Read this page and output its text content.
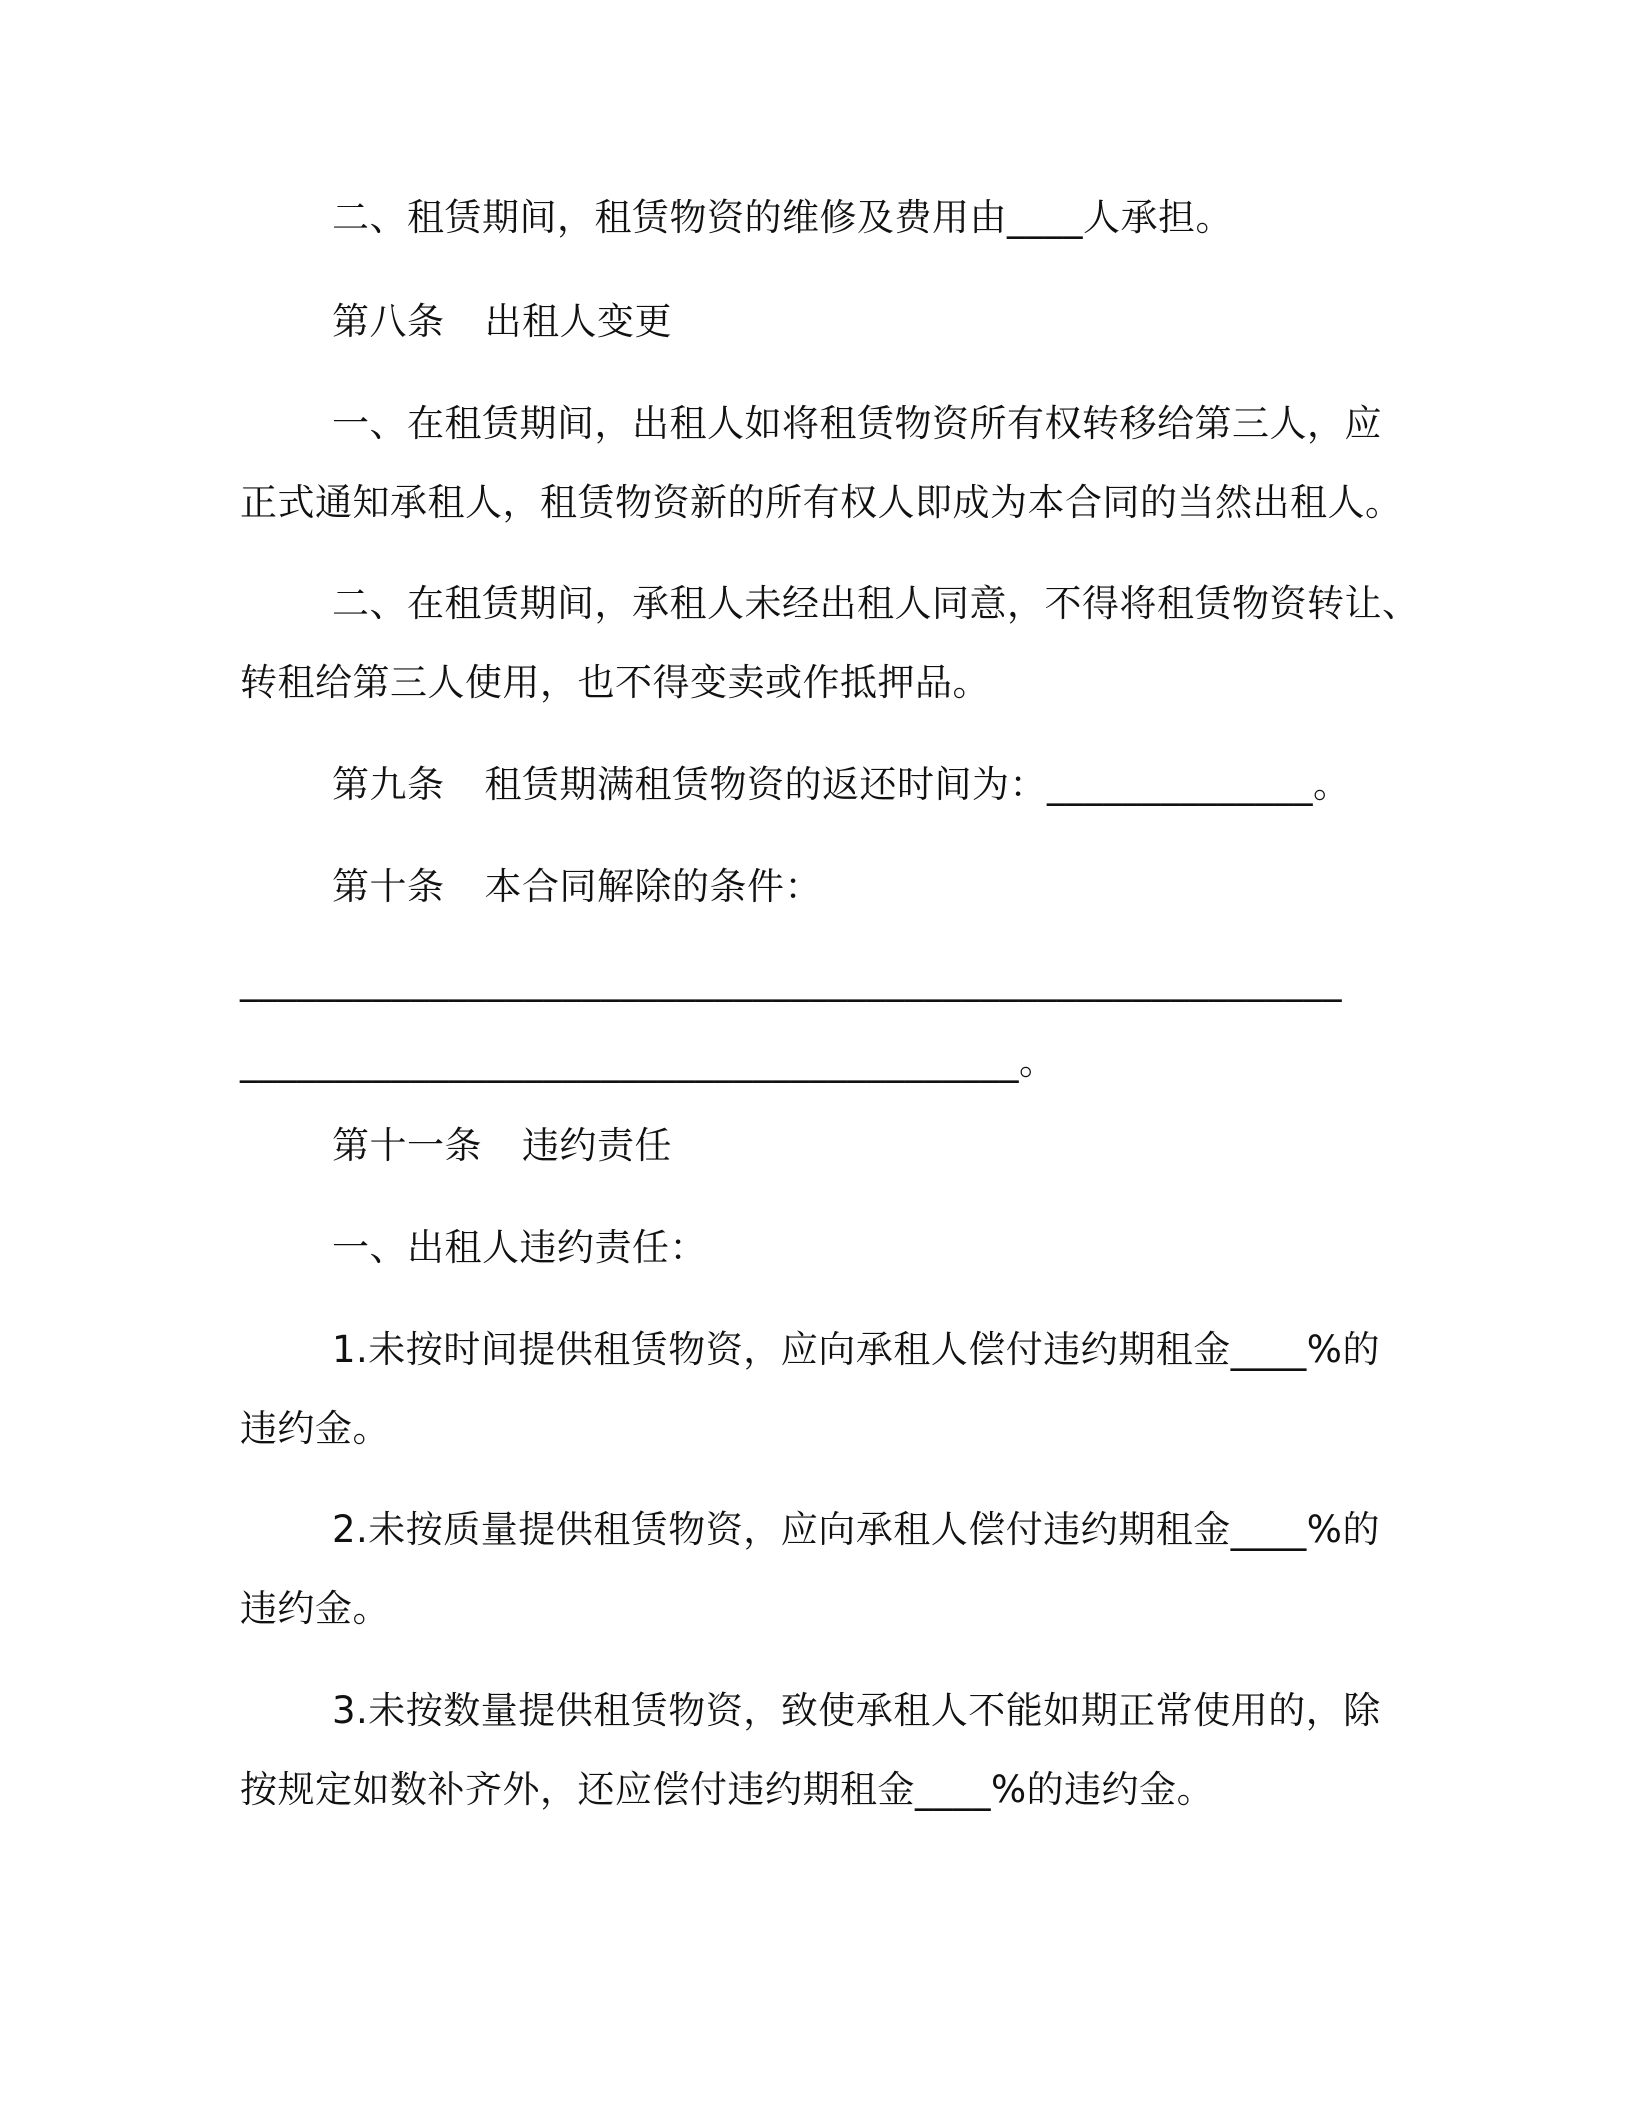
二、租赁期间，租赁物资的维修及费用由____人承担。
第八条 出租人变更
一、在租赁期间，出租人如将租赁物资所有权转移给第三人，应
正式通知承租人，租赁物资新的所有权人即成为本合同的当然出租人。
二、在租赁期间，承租人未经出租人同意，不得将租赁物资转让、
转租给第三人使用，也不得变卖或作抵押品。
第九条 租赁期满租赁物资的返还时间为：______________。
第十条 本合同解除的条件：
__________________________________________________________
_________________________________________。
第十一条 违约责任
一、出租人违约责任：
1.未按时间提供租赁物资，应向承租人偿付违约期租金____%的
违约金。
2.未按质量提供租赁物资，应向承租人偿付违约期租金____%的
违约金。
3.未按数量提供租赁物资，致使承租人不能如期正常使用的，除
按规定如数补齐外，还应偿付违约期租金____%的违约金。
